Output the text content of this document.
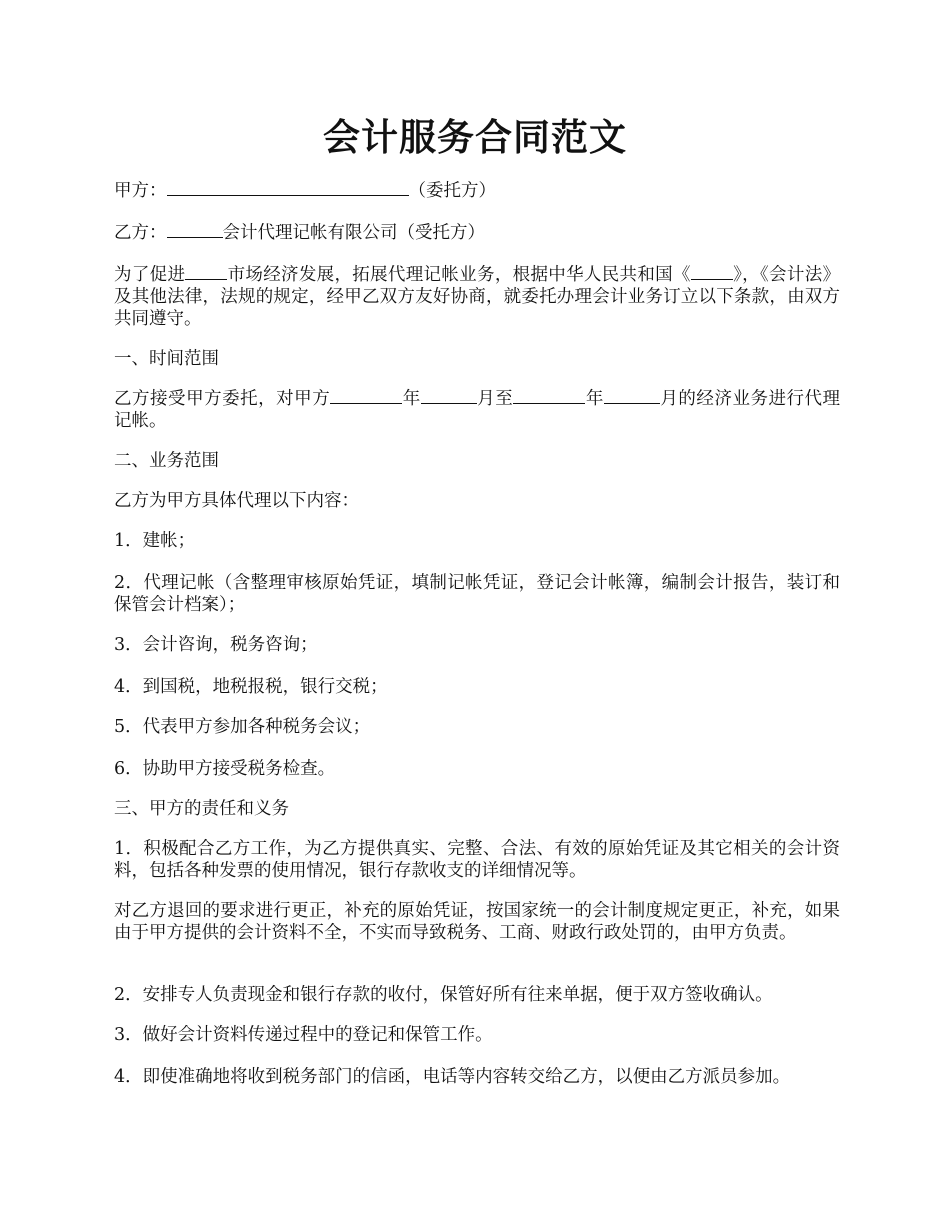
会计服务合同范文

甲方：	（委托方）

乙方：	会计代理记帐有限公司（受托方）

为了促进 市场经济发展，拓展代理记帐业务，根据中华人民共和国《 》，《会计法》及其他法律，法规的规定，经甲乙双方友好协商，就委托办理会计业务订立以下条款，由双方共同遵守。

一、时间范围

乙方接受甲方委托，对甲方	年	月至	年	月的经济业务进行代理记帐。

二、业务范围

乙方为甲方具体代理以下内容：

1．建帐；

2．代理记帐（含整理审核原始凭证，填制记帐凭证，登记会计帐簿，编制会计报告，装订和保管会计档案）；

3．会计咨询，税务咨询；

4．到国税，地税报税，银行交税；

5．代表甲方参加各种税务会议；

6．协助甲方接受税务检查。

三、甲方的责任和义务

1．积极配合乙方工作，为乙方提供真实、完整、合法、有效的原始凭证及其它相关的会计资料，包括各种发票的使用情况，银行存款收支的详细情况等。

对乙方退回的要求进行更正，补充的原始凭证，按国家统一的会计制度规定更正，补充，如果由于甲方提供的会计资料不全，不实而导致税务、工商、财政行政处罚的，由甲方负责。

2．安排专人负责现金和银行存款的收付，保管好所有往来单据，便于双方签收确认。

3．做好会计资料传递过程中的登记和保管工作。

4．即使准确地将收到税务部门的信函，电话等内容转交给乙方，以便由乙方派员参加。
